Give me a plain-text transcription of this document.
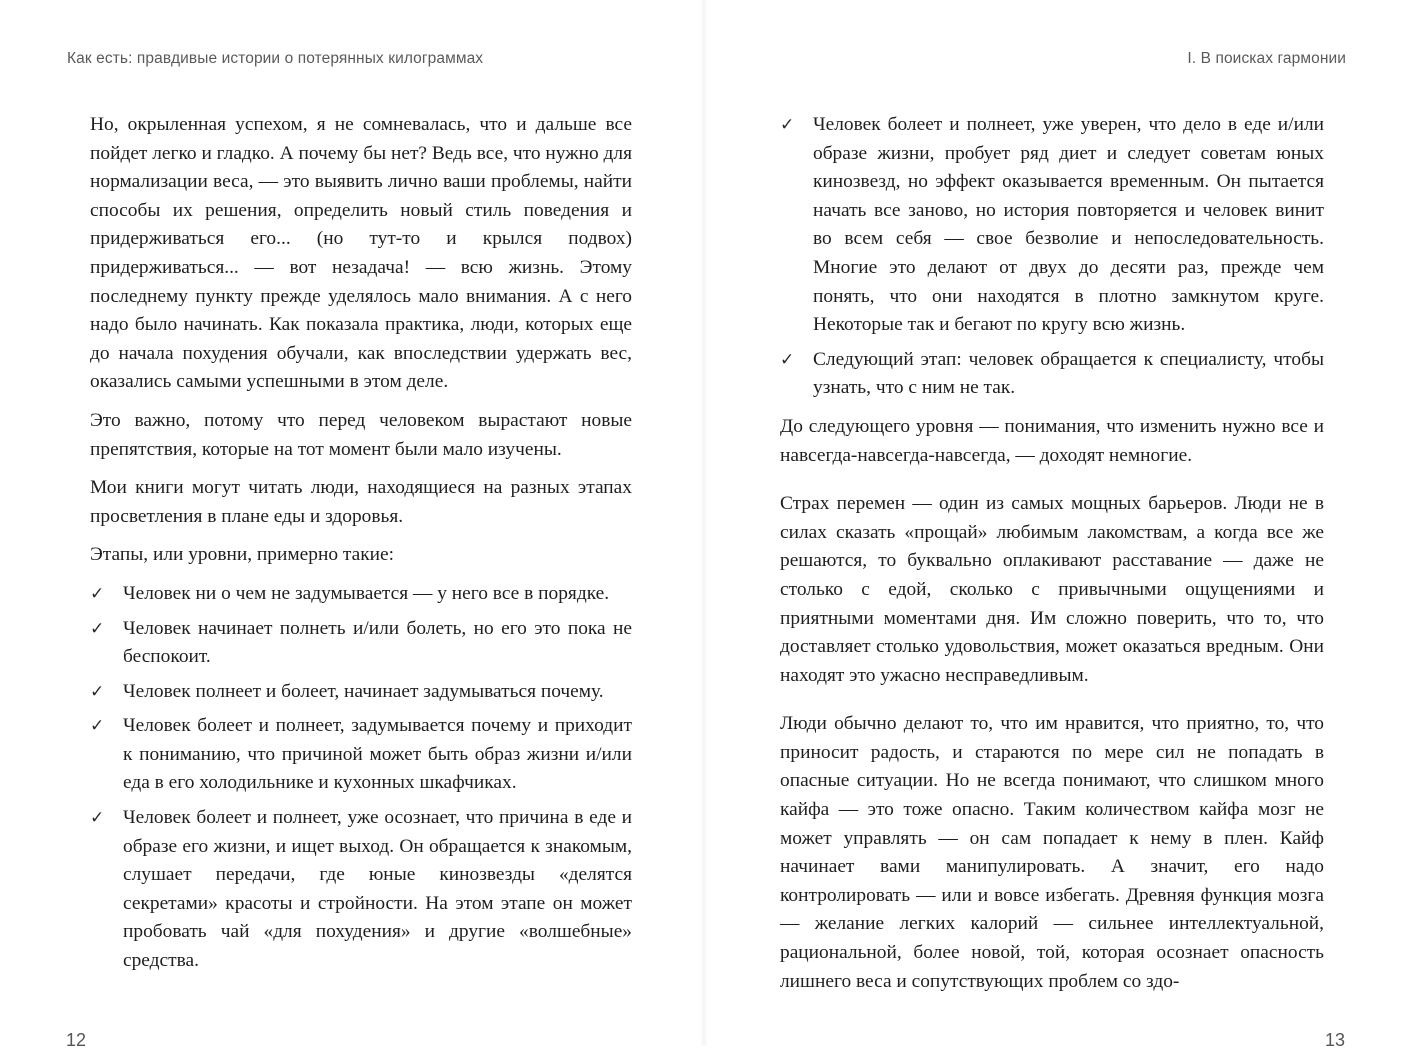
Как есть: правдивые истории о потерянных килограммах

Но, окрыленная успехом, я не сомневалась, что и дальше все пойдет легко и гладко. А почему бы нет? Ведь все, что нужно для нормализации веса, — это выявить лично ваши проблемы, найти способы их решения, определить новый стиль поведения и придерживаться его... (но тут-то и крылся подвох) придерживаться... — вот незадача! — всю жизнь. Этому последнему пункту прежде уделялось мало внимания. А с него надо было начинать. Как показала практика, люди, которых еще до начала похудения обучали, как впоследствии удержать вес, оказались самыми успешными в этом деле.

Это важно, потому что перед человеком вырастают новые препятствия, которые на тот момент были мало изучены.

Мои книги могут читать люди, находящиеся на разных этапах просветления в плане еды и здоровья.

Этапы, или уровни, примерно такие:

✓ Человек ни о чем не задумывается — у него все в порядке.
✓ Человек начинает полнеть и/или болеть, но его это пока не беспокоит.
✓ Человек полнеет и болеет, начинает задумываться почему.
✓ Человек болеет и полнеет, задумывается почему и приходит к пониманию, что причиной может быть образ жизни и/или еда в его холодильнике и кухонных шкафчиках.
✓ Человек болеет и полнеет, уже осознает, что причина в еде и образе его жизни, и ищет выход. Он обращается к знакомым, слушает передачи, где юные кинозвезды «делятся секретами» красоты и стройности. На этом этапе он может пробовать чай «для похудения» и другие «волшебные» средства.
12
I. В поисках гармонии
✓ Человек болеет и полнеет, уже уверен, что дело в еде и/или образе жизни, пробует ряд диет и следует советам юных кинозвезд, но эффект оказывается временным. Он пытается начать все заново, но история повторяется и человек винит во всем себя — свое безволие и непоследовательность. Многие это делают от двух до десяти раз, прежде чем понять, что они находятся в плотно замкнутом круге. Некоторые так и бегают по кругу всю жизнь.
✓ Следующий этап: человек обращается к специалисту, чтобы узнать, что с ним не так.

До следующего уровня — понимания, что изменить нужно все и навсегда-навсегда-навсегда, — доходят немногие.

Страх перемен — один из самых мощных барьеров. Люди не в силах сказать «прощай» любимым лакомствам, а когда все же решаются, то буквально оплакивают расставание — даже не столько с едой, сколько с привычными ощущениями и приятными моментами дня. Им сложно поверить, что то, что доставляет столько удовольствия, может оказаться вредным. Они находят это ужасно несправедливым.

Люди обычно делают то, что им нравится, что приятно, то, что приносит радость, и стараются по мере сил не попадать в опасные ситуации. Но не всегда понимают, что слишком много кайфа — это тоже опасно. Таким количеством кайфа мозг не может управлять — он сам попадает к нему в плен. Кайф начинает вами манипулировать. А значит, его надо контролировать — или и вовсе избегать. Древняя функция мозга — желание легких калорий — сильнее интеллектуальной, рациональной, более новой, той, которая осознает опасность лишнего веса и сопутствующих проблем со здо-

13
